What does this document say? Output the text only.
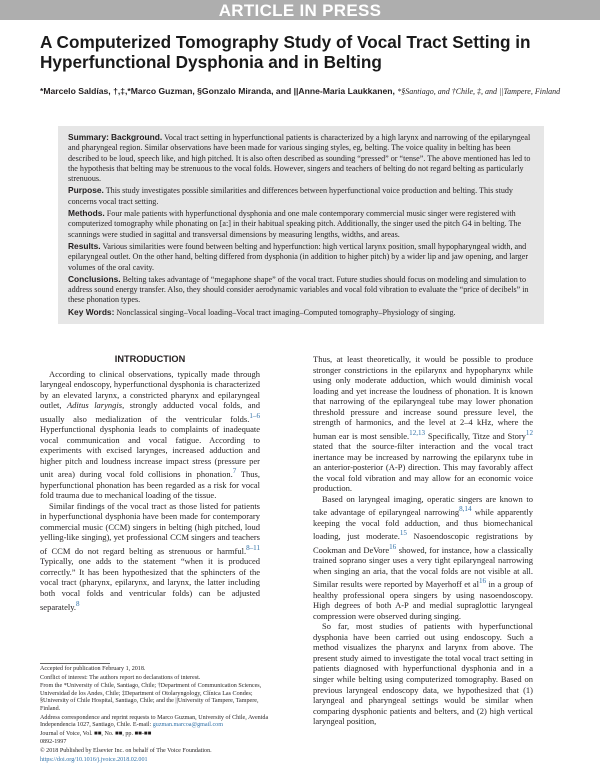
ARTICLE IN PRESS
A Computerized Tomography Study of Vocal Tract Setting in Hyperfunctional Dysphonia and in Belting
*Marcelo Saldías, †,‡,*Marco Guzman, §Gonzalo Miranda, and ||Anne-Maria Laukkanen, *§Santiago, and †Chile, ‡, and ||Tampere, Finland

Summary: Background. Vocal tract setting in hyperfunctional patients is characterized by a high larynx and narrowing of the epilaryngeal and pharyngeal region. Similar observations have been made for various singing styles, eg, belting. The voice quality in belting has been described to be loud, speech like, and high pitched. It is also often described as sounding “pressed” or “tense”. The above mentioned has led to the hypothesis that belting may be strenuous to the vocal folds. However, singers and teachers of belting do not regard belting as particularly strenuous.

Purpose. This study investigates possible similarities and differences between hyperfunctional voice production and belting. This study concerns vocal tract setting.

Methods. Four male patients with hyperfunctional dysphonia and one male contemporary commercial music singer were registered with computerized tomography while phonating on [a:] in their habitual speaking pitch. Additionally, the singer used the pitch G4 in belting. The scannings were studied in sagittal and transversal dimensions by measuring lengths, widths, and areas.

Results. Various similarities were found between belting and hyperfunction: high vertical larynx position, small hypopharyngeal width, and epilaryngeal outlet. On the other hand, belting differed from dysphonia (in addition to higher pitch) by a wider lip and jaw opening, and larger volumes of the oral cavity.

Conclusions. Belting takes advantage of “megaphone shape” of the vocal tract. Future studies should focus on modeling and simulation to address sound energy transfer. Also, they should consider aerodynamic variables and vocal fold vibration to evaluate the “price of decibels” in these phonation types.

Key Words: Nonclassical singing–Vocal loading–Vocal tract imaging–Computed tomography–Physiology of singing.

INTRODUCTION

According to clinical observations, typically made through laryngeal endoscopy, hyperfunctional dysphonia is characterized by an elevated larynx, a constricted pharynx and epilaryngeal outlet, Aditus laryngis, strongly adducted vocal folds, and usually also medialization of the ventricular folds.$^{1-6}$ Hyperfunctional dysphonia leads to complaints of inadequate vocal communication and vocal fatigue. According to experiments with excised larynges, increased adduction and higher pitch and loudness increase impact stress (pressure per unit area) during vocal fold collisions in phonation.$^7$ Thus, hyperfunctional phonation has been regarded as a risk for vocal fold trauma due to mechanical loading of the tissue.

Similar findings of the vocal tract as those listed for patients in hyperfunctional dysphonia have been made for contemporary commercial music (CCM) singers in belting (high pitched, loud yelling-like singing), yet professional CCM singers and teachers of CCM do not regard belting as strenuous or harmful.$^{8-11}$ Typically, one adds to the statement “when it is produced correctly.” It has been hypothesized that the sphincters of the vocal tract (pharynx, epilarynx, and larynx, the latter including both vocal folds and ventricular folds) can be adjusted separately.$^8$

Thus, at least theoretically, it would be possible to produce stronger constrictions in the epilarynx and hypopharynx while using only moderate adduction, which would diminish vocal loading and yet increase the loudness of phonation. It is known that narrowing of the epilaryngeal tube may lower phonation threshold pressure and increase sound pressure level, the strength of harmonics, and the level at 2–4 kHz, where the human ear is most sensible.$^{12,13}$ Specifically, Titze and Story$^{12}$ stated that the source-filter interaction and the vocal tract inertance may be increased by narrowing the epilarynx tube in an anterior-posterior (A-P) direction. This may favorably affect the vocal fold vibration and may allow for an economic voice production.

Based on laryngeal imaging, operatic singers are known to take advantage of epilaryngeal narrowing$^{8,14}$ while apparently keeping the vocal fold adduction, and thus biomechanical loading, just moderate.$^{15}$ Nasoendoscopic registrations by Cookman and DeVore$^{16}$ showed, for instance, how a classically trained soprano singer uses a very tight epilaryngeal narrowing when singing an aria, that the vocal folds are not visible at all. Similar results were reported by Mayerhoff et $al^{16}$ in a group of healthy professional opera singers by using nasoendoscopy. High degrees of both A-P and medial supraglottic laryngeal compression were observed during singing.

So far, most studies of patients with hyperfunctional dysphonia have been carried out using endoscopy. Such a method visualizes the pharynx and larynx from above. The present study aimed to investigate the total vocal tract setting in patients diagnosed with hyperfunctional dysphonia and in a singer while belting using computerized tomography. Based on previous laryngeal endoscopy data, we hypothesized that (1) laryngeal and pharyngeal settings would be similar when comparing dysphonic patients and belters, and (2) high vertical laryngeal position,

Accepted for publication February 1, 2018.

Conflict of interest: The authors report no declarations of interest.

From the *University of Chile, Santiago, Chile; †Department of Communication Sciences, Universidad de los Andes, Chile; ‡Department of Otolaryngology, Clínica Las Condes; §University of Chile Hospital, Santiago, Chile; and the ||University of Tampere, Tampere, Finland.

Address correspondence and reprint requests to Marco Guzman, University of Chile, Avenida Independencia 1027, Santiago, Chile. E-mail: guzman.marcoa@gmail.com

Journal of Voice, Vol. ■■, No. ■■, pp. ■■-■■

0892-1997

© 2018 Published by Elsevier Inc. on behalf of The Voice Foundation.

https://doi.org/10.1016/j.jvoice.2018.02.001
